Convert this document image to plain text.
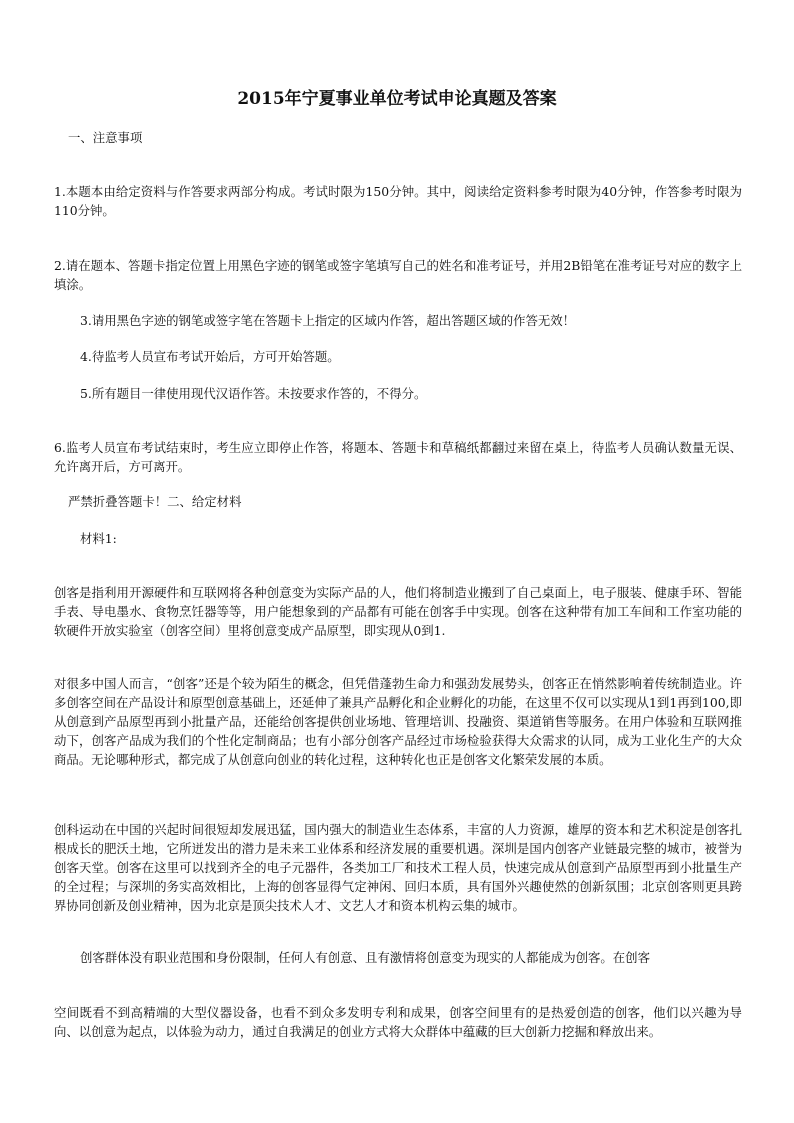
2015年宁夏事业单位考试申论真题及答案
一、注意事项
1.本题本由给定资料与作答要求两部分构成。考试时限为150分钟。其中，阅读给定资料参考时限为40分钟，作答参考时限为110分钟。
2.请在题本、答题卡指定位置上用黑色字迹的钢笔或签字笔填写自己的姓名和准考证号，并用2B铅笔在准考证号对应的数字上填涂。
3.请用黑色字迹的钢笔或签字笔在答题卡上指定的区域内作答，超出答题区域的作答无效！
4.待监考人员宣布考试开始后，方可开始答题。
5.所有题目一律使用现代汉语作答。未按要求作答的，不得分。
6.监考人员宣布考试结束时，考生应立即停止作答，将题本、答题卡和草稿纸都翻过来留在桌上，待监考人员确认数量无误、允许离开后，方可离开。
严禁折叠答题卡！二、给定材料
材料1:
创客是指利用开源硬件和互联网将各种创意变为实际产品的人，他们将制造业搬到了自己桌面上，电子服装、健康手环、智能手表、导电墨水、食物烹饪器等等，用户能想象到的产品都有可能在创客手中实现。创客在这种带有加工车间和工作室功能的软硬件开放实验室（创客空间）里将创意变成产品原型，即实现从0到1.
对很多中国人而言，“创客”还是个较为陌生的概念，但凭借蓬勃生命力和强劲发展势头，创客正在悄然影响着传统制造业。许多创客空间在产品设计和原型创意基础上，还延伸了兼具产品孵化和企业孵化的功能，在这里不仅可以实现从1到1再到100,即从创意到产品原型再到小批量产品，还能给创客提供创业场地、管理培训、投融资、渠道销售等服务。在用户体验和互联网推动下，创客产品成为我们的个性化定制商品；也有小部分创客产品经过市场检验获得大众需求的认同，成为工业化生产的大众商品。无论哪种形式，都完成了从创意向创业的转化过程，这种转化也正是创客文化繁荣发展的本质。
创科运动在中国的兴起时间很短却发展迅猛，国内强大的制造业生态体系，丰富的人力资源，雄厚的资本和艺术积淀是创客扎根成长的肥沃土地，它所迸发出的潜力是未来工业体系和经济发展的重要机遇。深圳是国内创客产业链最完整的城市，被誉为创客天堂。创客在这里可以找到齐全的电子元器件，各类加工厂和技术工程人员，快速完成从创意到产品原型再到小批量生产的全过程；与深圳的务实高效相比，上海的创客显得气定神闲、回归本质，具有国外兴趣使然的创新氛围；北京创客则更具跨界协同创新及创业精神，因为北京是顶尖技术人才、文艺人才和资本机构云集的城市。
创客群体没有职业范围和身份限制，任何人有创意、且有激情将创意变为现实的人都能成为创客。在创客
空间既看不到高精端的大型仪器设备，也看不到众多发明专利和成果，创客空间里有的是热爱创造的创客，他们以兴趣为导向、以创意为起点，以体验为动力，通过自我满足的创业方式将大众群体中蕴藏的巨大创新力挖掘和释放出来。
